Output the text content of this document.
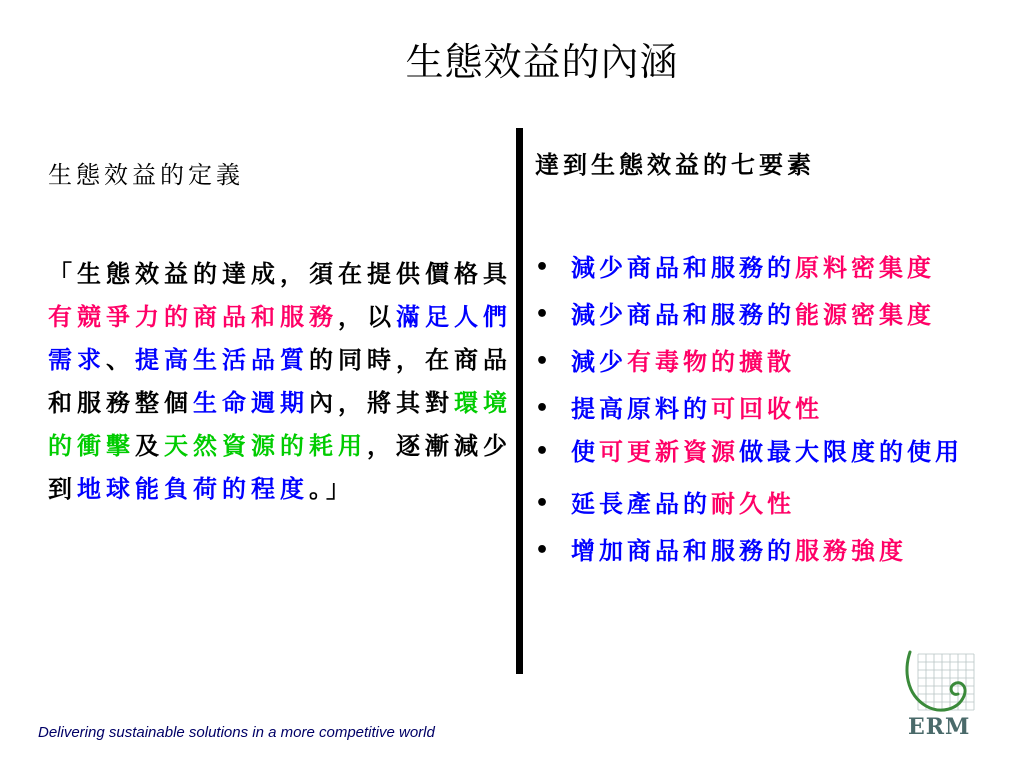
生態效益的內涵
生態效益的定義
「生態效益的達成，須在提供價格具有競爭力的商品和服務，以滿足人們需求、提高生活品質的同時，在商品和服務整個生命週期內，將其對環境的衝擊及天然資源的耗用，逐漸減少到地球能負荷的程度。」
達到生態效益的七要素
• 減少商品和服務的原料密集度
• 減少商品和服務的能源密集度
• 減少有毒物的擴散
• 提高原料的可回收性
• 使可更新資源做最大限度的使用
• 延長產品的耐久性
• 增加商品和服務的服務強度
Delivering sustainable solutions in a more competitive world	ERM
